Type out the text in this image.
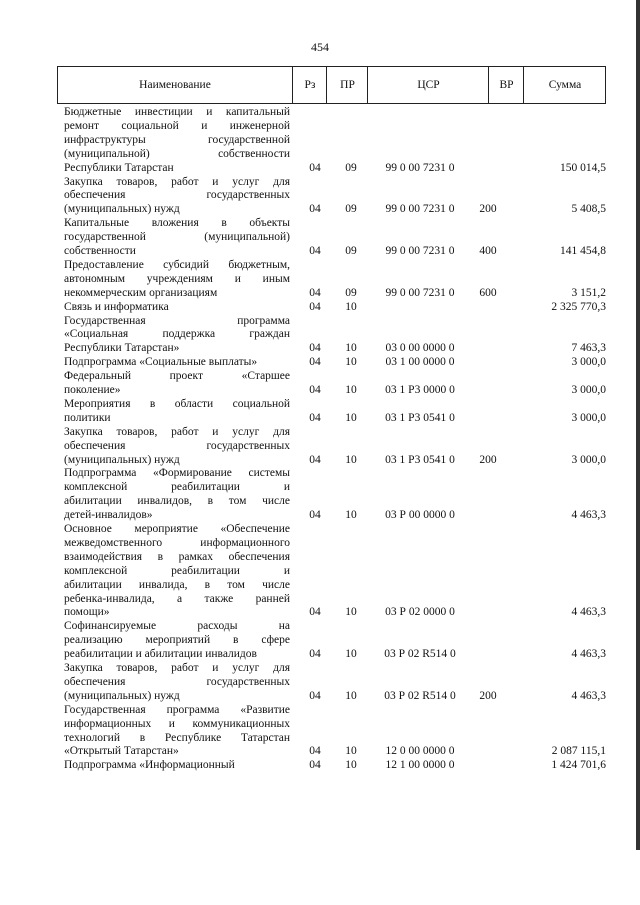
454
Наименование	Рз	ПР	ЦСР	ВР	Сумма
Бюджетные инвестиции и капитальный
ремонт социальной и инженерной
инфраструктуры государственной
(муниципальной) собственности
Республики Татарстан	04	09	99 0 00 7231 0	150 014,5
Закупка товаров, работ и услуг для
обеспечения государственных
(муниципальных) нужд	04	09	99 0 00 7231 0	200	5 408,5
Капитальные вложения в объекты
государственной (муниципальной)
собственности	04	09	99 0 00 7231 0	400	141 454,8
Предоставление субсидий бюджетным,
автономным учреждениям и иным
некоммерческим организациям	04	09	99 0 00 7231 0	600	3 151,2
Связь и информатика	04	10	2 325 770,3
Государственная программа
«Социальная поддержка граждан
Республики Татарстан»	04	10	03 0 00 0000 0	7 463,3
Подпрограмма «Социальные выплаты»	04	10	03 1 00 0000 0	3 000,0
Федеральный проект «Старшее
поколение»	04	10	03 1 Р3 0000 0	3 000,0
Мероприятия в области социальной
политики	04	10	03 1 Р3 0541 0	3 000,0
Закупка товаров, работ и услуг для
обеспечения государственных
(муниципальных) нужд	04	10	03 1 Р3 0541 0	200	3 000,0
Подпрограмма «Формирование системы
комплексной реабилитации и
абилитации инвалидов, в том числе
детей-инвалидов»	04	10	03 Р 00 0000 0	4 463,3
Основное мероприятие «Обеспечение
межведомственного информационного
взаимодействия в рамках обеспечения
комплексной реабилитации и
абилитации инвалида, в том числе
ребенка-инвалида, а также ранней
помощи»	04	10	03 Р 02 0000 0	4 463,3
Софинансируемые расходы на
реализацию мероприятий в сфере
реабилитации и абилитации инвалидов	04	10	03 Р 02 R514 0	4 463,3
Закупка товаров, работ и услуг для
обеспечения государственных
(муниципальных) нужд	04	10	03 Р 02 R514 0	200	4 463,3
Государственная программа «Развитие
информационных и коммуникационных
технологий в Республике Татарстан
«Открытый Татарстан»	04	10	12 0 00 0000 0	2 087 115,1
Подпрограмма «Информационный	04	10	12 1 00 0000 0	1 424 701,6
